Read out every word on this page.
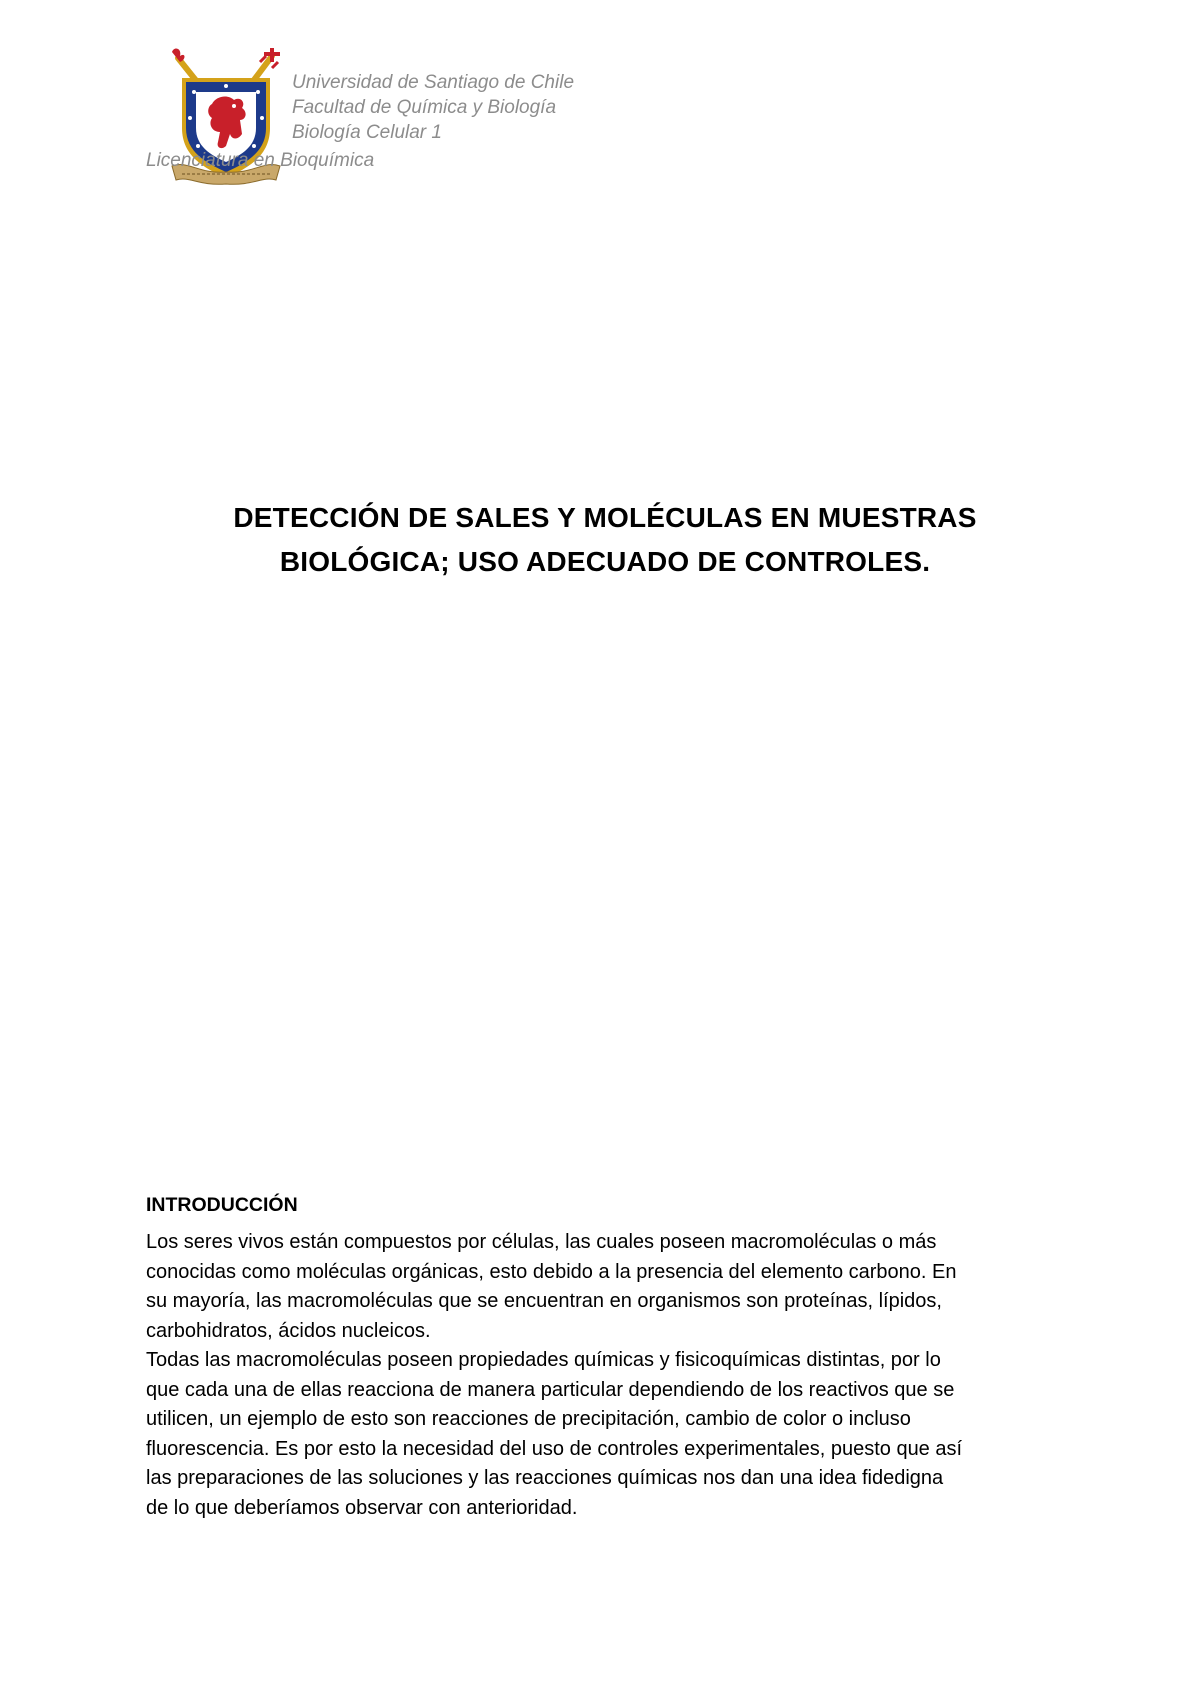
Universidad de Santiago de Chile
Facultad de Química y Biología
Biología Celular 1
Licenciatura en Bioquímica
DETECCIÓN DE SALES Y MOLÉCULAS EN MUESTRAS
BIOLÓGICA; USO ADECUADO DE CONTROLES.
INTRODUCCIÓN
Los seres vivos están compuestos por células, las cuales poseen macromoléculas o más
conocidas como moléculas orgánicas, esto debido a la presencia del elemento carbono. En
su mayoría, las macromoléculas que se encuentran en organismos son proteínas, lípidos,
carbohidratos, ácidos nucleicos.
Todas las macromoléculas poseen propiedades químicas y fisicoquímicas distintas, por lo
que cada una de ellas reacciona de manera particular dependiendo de los reactivos que se
utilicen, un ejemplo de esto son reacciones de precipitación, cambio de color o incluso
fluorescencia. Es por esto la necesidad del uso de controles experimentales, puesto que así
las preparaciones de las soluciones y las reacciones químicas nos dan una idea fidedigna
de lo que deberíamos observar con anterioridad.
